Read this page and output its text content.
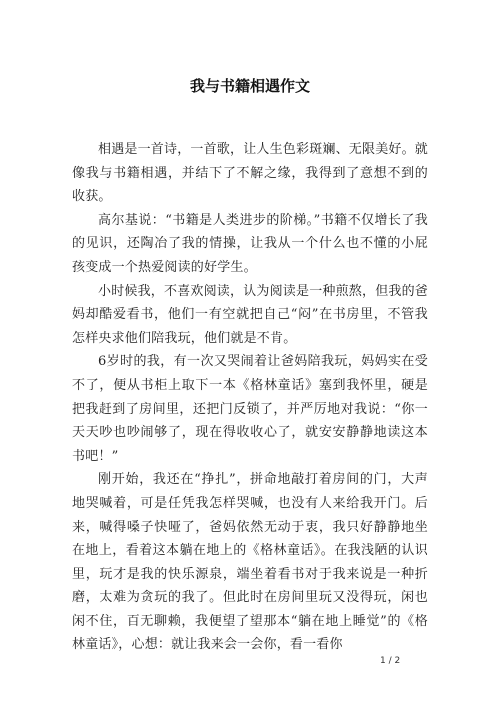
我与书籍相遇作文

相遇是一首诗，一首歌，让人生色彩斑斓、无限美好。就像我与书籍相遇，并结下了不解之缘，我得到了意想不到的收获。

高尔基说：“书籍是人类进步的阶梯。”书籍不仅增长了我的见识，还陶冶了我的情操，让我从一个什么也不懂的小屁孩变成一个热爱阅读的好学生。

小时候我，不喜欢阅读，认为阅读是一种煎熬，但我的爸妈却酷爱看书，他们一有空就把自己“闷”在书房里，不管我怎样央求他们陪我玩，他们就是不肯。

6岁时的我，有一次又哭闹着让爸妈陪我玩，妈妈实在受不了，便从书柜上取下一本《格林童话》塞到我怀里，硬是把我赶到了房间里，还把门反锁了，并严厉地对我说：“你一天天吵也吵闹够了，现在得收收心了，就安安静静地读这本书吧！”

刚开始，我还在“挣扎”，拼命地敲打着房间的门，大声地哭喊着，可是任凭我怎样哭喊，也没有人来给我开门。后来，喊得嗓子快哑了，爸妈依然无动于衷，我只好静静地坐在地上，看着这本躺在地上的《格林童话》。在我浅陋的认识里，玩才是我的快乐源泉，端坐着看书对于我来说是一种折磨，太难为贪玩的我了。但此时在房间里玩又没得玩，闲也闲不住，百无聊赖，我便望了望那本“躺在地上睡觉”的《格林童话》，心想：就让我来会一会你，看一看你

1 / 2
